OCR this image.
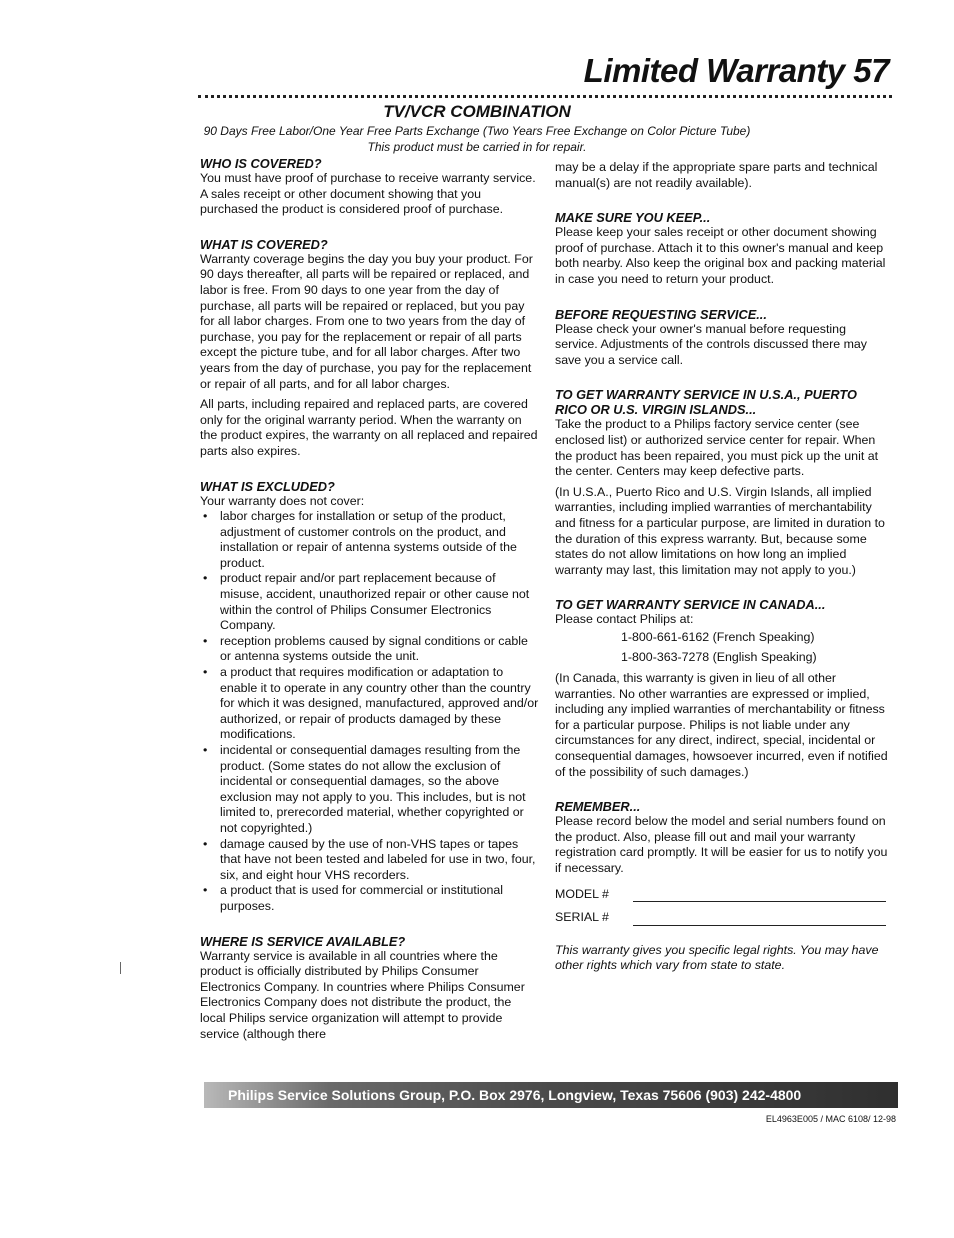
Limited Warranty 57
TV/VCR COMBINATION
90 Days Free Labor/One Year Free Parts Exchange (Two Years Free Exchange on Color Picture Tube)
This product must be carried in for repair.
WHO IS COVERED?

You must have proof of purchase to receive warranty service. A sales receipt or other document showing that you purchased the product is considered proof of purchase.

WHAT IS COVERED?

Warranty coverage begins the day you buy your product. For 90 days thereafter, all parts will be repaired or replaced, and labor is free. From 90 days to one year from the day of purchase, all parts will be repaired or replaced, but you pay for all labor charges. From one to two years from the day of purchase, you pay for the replacement or repair of all parts except the picture tube, and for all labor charges. After two years from the day of purchase, you pay for the replacement or repair of all parts, and for all labor charges.

All parts, including repaired and replaced parts, are covered only for the original warranty period. When the warranty on the product expires, the warranty on all replaced and repaired parts also expires.

WHAT IS EXCLUDED?

Your warranty does not cover:

• labor charges for installation or setup of the product, adjustment of customer controls on the product, and installation or repair of antenna systems outside of the product.
• product repair and/or part replacement because of misuse, accident, unauthorized repair or other cause not within the control of Philips Consumer Electronics Company.
• reception problems caused by signal conditions or cable or antenna systems outside the unit.
• a product that requires modification or adaptation to enable it to operate in any country other than the country for which it was designed, manufactured, approved and/or authorized, or repair of products damaged by these modifications.
• incidental or consequential damages resulting from the product. (Some states do not allow the exclusion of incidental or consequential damages, so the above exclusion may not apply to you. This includes, but is not limited to, prerecorded material, whether copyrighted or not copyrighted.)
• damage caused by the use of non-VHS tapes or tapes that have not been tested and labeled for use in two, four, six, and eight hour VHS recorders.
• a product that is used for commercial or institutional purposes.
WHERE IS SERVICE AVAILABLE?

Warranty service is available in all countries where the product is officially distributed by Philips Consumer Electronics Company. In countries where Philips Consumer Electronics Company does not distribute the product, the local Philips service organization will attempt to provide service (although there

may be a delay if the appropriate spare parts and technical manual(s) are not readily available).

MAKE SURE YOU KEEP...

Please keep your sales receipt or other document showing proof of purchase. Attach it to this owner's manual and keep both nearby. Also keep the original box and packing material in case you need to return your product.

BEFORE REQUESTING SERVICE...

Please check your owner's manual before requesting service. Adjustments of the controls discussed there may save you a service call.

TO GET WARRANTY SERVICE IN U.S.A., PUERTO RICO OR U.S. VIRGIN ISLANDS...

Take the product to a Philips factory service center (see enclosed list) or authorized service center for repair. When the product has been repaired, you must pick up the unit at the center. Centers may keep defective parts.

(In U.S.A., Puerto Rico and U.S. Virgin Islands, all implied warranties, including implied warranties of merchantability and fitness for a particular purpose, are limited in duration to the duration of this express warranty. But, because some states do not allow limitations on how long an implied warranty may last, this limitation may not apply to you.)

TO GET WARRANTY SERVICE IN CANADA...

Please contact Philips at:

1-800-661-6162 (French Speaking)

1-800-363-7278 (English Speaking)

(In Canada, this warranty is given in lieu of all other warranties. No other warranties are expressed or implied, including any implied warranties of merchantability or fitness for a particular purpose. Philips is not liable under any circumstances for any direct, indirect, special, incidental or consequential damages, howsoever incurred, even if notified of the possibility of such damages.)

REMEMBER...

Please record below the model and serial numbers found on the product. Also, please fill out and mail your warranty registration card promptly. It will be easier for us to notify you if necessary.

MODEL #
SERIAL #

This warranty gives you specific legal rights. You may have other rights which vary from state to state.

Philips Service Solutions Group, P.O. Box 2976, Longview, Texas 75606 (903) 242-4800
EL4963E005 / MAC 6108/ 12-98
